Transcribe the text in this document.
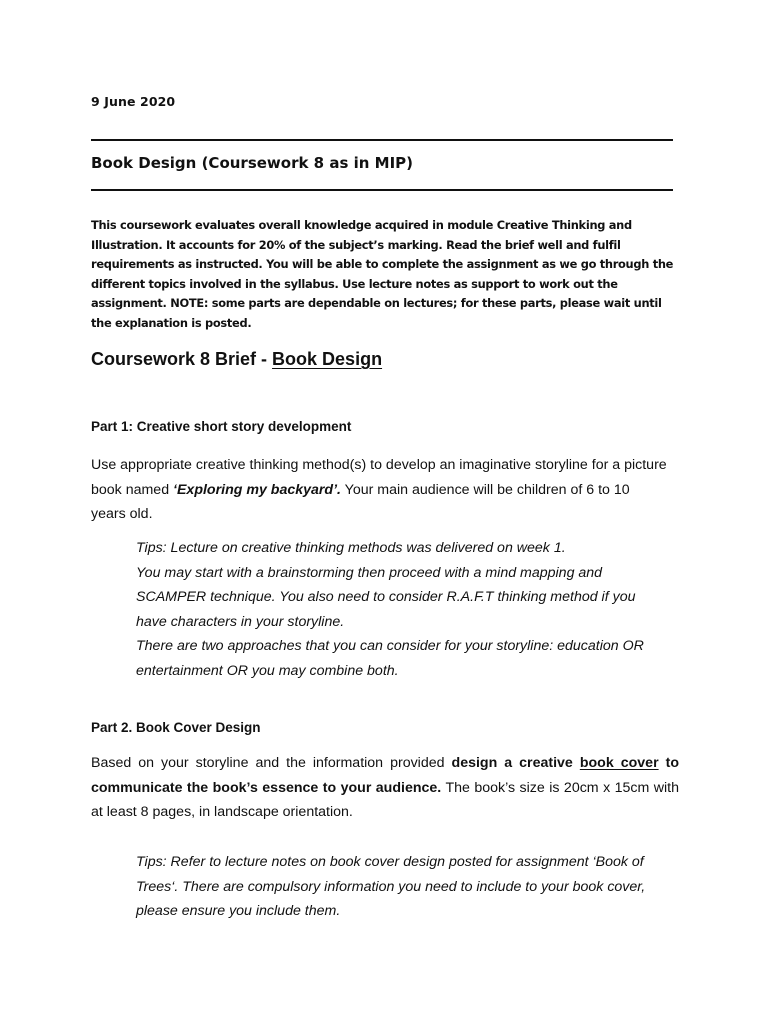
9 June 2020
Book Design (Coursework 8 as in MIP)

This coursework evaluates overall knowledge acquired in module Creative Thinking and Illustration. It accounts for 20% of the subject’s marking. Read the brief well and fulfil requirements as instructed. You will be able to complete the assignment as we go through the different topics involved in the syllabus. Use lecture notes as support to work out the assignment. NOTE: some parts are dependable on lectures; for these parts, please wait until the explanation is posted.

Coursework 8 Brief - Book Design
Part 1: Creative short story development

Use appropriate creative thinking method(s) to develop an imaginative storyline for a picture book named ‘Exploring my backyard’. Your main audience will be children of 6 to 10 years old.

Tips: Lecture on creative thinking methods was delivered on week 1.
You may start with a brainstorming then proceed with a mind mapping and
SCAMPER technique. You also need to consider R.A.F.T thinking method if you
have characters in your storyline.
There are two approaches that you can consider for your storyline: education OR
entertainment OR you may combine both.
Part 2. Book Cover Design

Based on your storyline and the information provided design a creative book cover to communicate the book’s essence to your audience. The book’s size is 20cm x 15cm with at least 8 pages, in landscape orientation.

Tips: Refer to lecture notes on book cover design posted for assignment ‘Book of
Trees‘. There are compulsory information you need to include to your book cover,
please ensure you include them.
